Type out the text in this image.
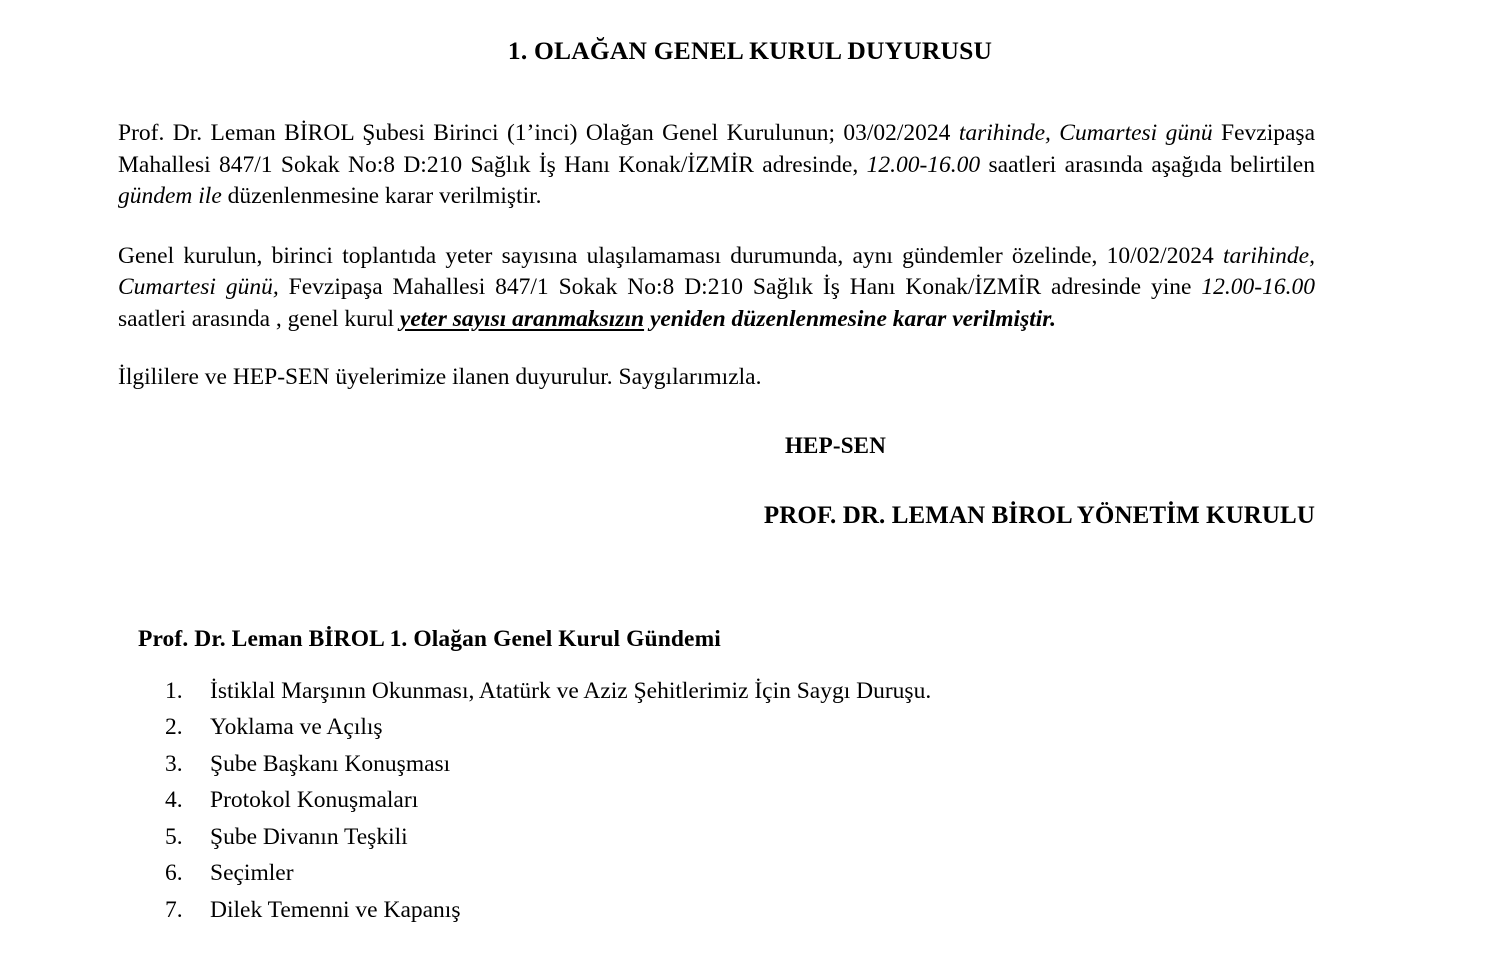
1. OLAĞAN GENEL KURUL DUYURUSU

Prof. Dr. Leman BİROL Şubesi Birinci (1’inci) Olağan Genel Kurulunun; 03/02/2024 tarihinde, Cumartesi günü Fevzipaşa Mahallesi 847/1 Sokak No:8 D:210 Sağlık İş Hanı Konak/İZMİR adresinde, 12.00-16.00 saatleri arasında aşağıda belirtilen gündem ile düzenlenmesine karar verilmiştir.

Genel kurulun, birinci toplantıda yeter sayısına ulaşılamaması durumunda, aynı gündemler özelinde, 10/02/2024 tarihinde, Cumartesi günü, Fevzipaşa Mahallesi 847/1 Sokak No:8 D:210 Sağlık İş Hanı Konak/İZMİR adresinde yine 12.00-16.00 saatleri arasında , genel kurul yeter sayısı aranmaksızın yeniden düzenlenmesine karar verilmiştir.

İlgililere ve HEP-SEN üyelerimize ilanen duyurulur. Saygılarımızla.

HEP-SEN

PROF. DR. LEMAN BİROL YÖNETİM KURULU

Prof. Dr. Leman BİROL 1. Olağan Genel Kurul Gündemi
1.	İstiklal Marşının Okunması, Atatürk ve Aziz Şehitlerimiz İçin Saygı Duruşu.
2.	Yoklama ve Açılış
3.	Şube Başkanı Konuşması
4.	Protokol Konuşmaları
5.	Şube Divanın Teşkili
6.	Seçimler
7.	Dilek Temenni ve Kapanış
